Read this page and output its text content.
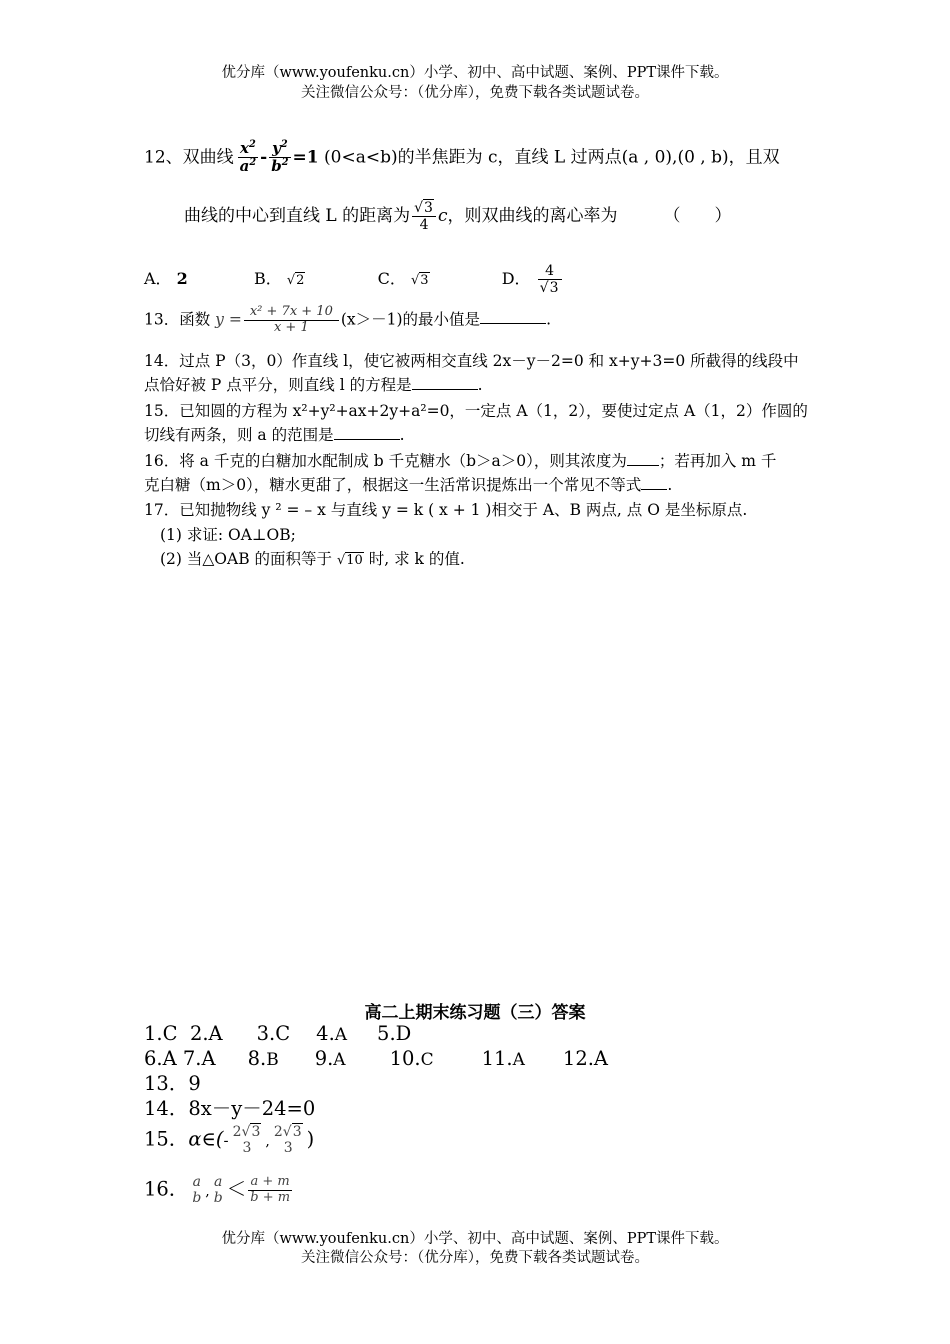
优分库（www.youfenku.cn）小学、初中、高中试题、案例、PPT课件下载。
关注微信公众号：（优分库），免费下载各类试题试卷。
12、双曲线 $\frac{x^2}{a^2} - \frac{y^2}{b^2} =1$ (0<a<b)的半焦距为 c，直线 L 过两点(a , 0),(0 , b)，且双
曲线的中心到直线 L 的距离为 $\frac{√3}{4}$ c，则双曲线的离心率为	（　　）
A． 2	B． √2	C． √3	D． $\frac{4}{√3}$
13．函数 $y = \frac{\text{x² + 7x + 10}}{x + 1} (x>-1)$的最小值是	.
14．过点 P（3，0）作直线 l，使它被两相交直线 2x－y－2=0 和 x+y+3=0 所截得的线段中
点恰好被 P 点平分，则直线 l 的方程是	.
15．已知圆的方程为 x²+y²+ax+2y+a²=0，一定点 A（1，2），要使过定点 A（1，2）作圆的
切线有两条，则 a 的范围是	.
16．将 a 千克的白糖加水配制成 b 千克糖水（b＞a＞0），则其浓度为 ；若再加入 m 千
克白糖（m＞0），糖水更甜了，根据这一生活常识提炼出一个常见不等式 .
17．已知抛物线 y ² = – x 与直线 y = k ( x + 1 )相交于 A、B 两点, 点 O 是坐标原点.
(1) 求证: OA⊥OB;
(2) 当△OAB 的面积等于 √10 时, 求 k 的值.
高二上期末练习题（三）答案
1.C 2.A 3.C 4.A 5.D
6.A 7.A 8.B 9.A 10.C 11.A 12.A
13．9
14．8x－y－24=0
15．α∈(- 2√3
3 ,
2√3
3 )
16． a
b ,
a
$b < \frac{a + m}{b + m}$
优分库（www.youfenku.cn）小学、初中、高中试题、案例、PPT课件下载。
关注微信公众号：（优分库），免费下载各类试题试卷。
